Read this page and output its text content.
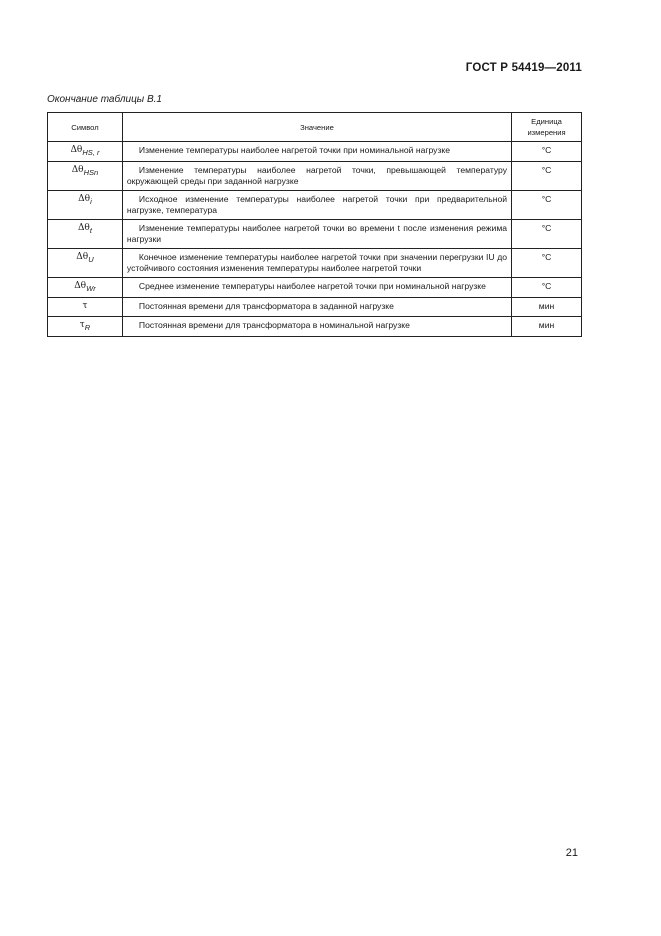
ГОСТ Р 54419—2011
Окончание таблицы В.1
Символ	Значение	Единица измерения
$\Delta\theta_{HS, r}$	Изменение температуры наиболее нагретой точки при номинальной нагрузке	°C
$\Delta\theta_{HSn}$	Изменение температуры наиболее нагретой точки, превышающей температуру окружающей среды при заданной нагрузке	°C
$\Delta\theta_i$	Исходное изменение температуры наиболее нагретой точки при предварительной нагрузке, температура	°C
$\Delta\theta_t$	Изменение температуры наиболее нагретой точки во времени t после изменения режима нагрузки	°C
$\Delta\theta_U$	Конечное изменение температуры наиболее нагретой точки при значении перегрузки IU до устойчивого состояния изменения температуры наиболее нагретой точки	°C
$\Delta\theta_{Wr}$	Среднее изменение температуры наиболее нагретой точки при номинальной нагрузке	°C
τ	Постоянная времени для трансформатора в заданной нагрузке	мин
$\tau_R$	Постоянная времени для трансформатора в номинальной нагрузке	мин
21
